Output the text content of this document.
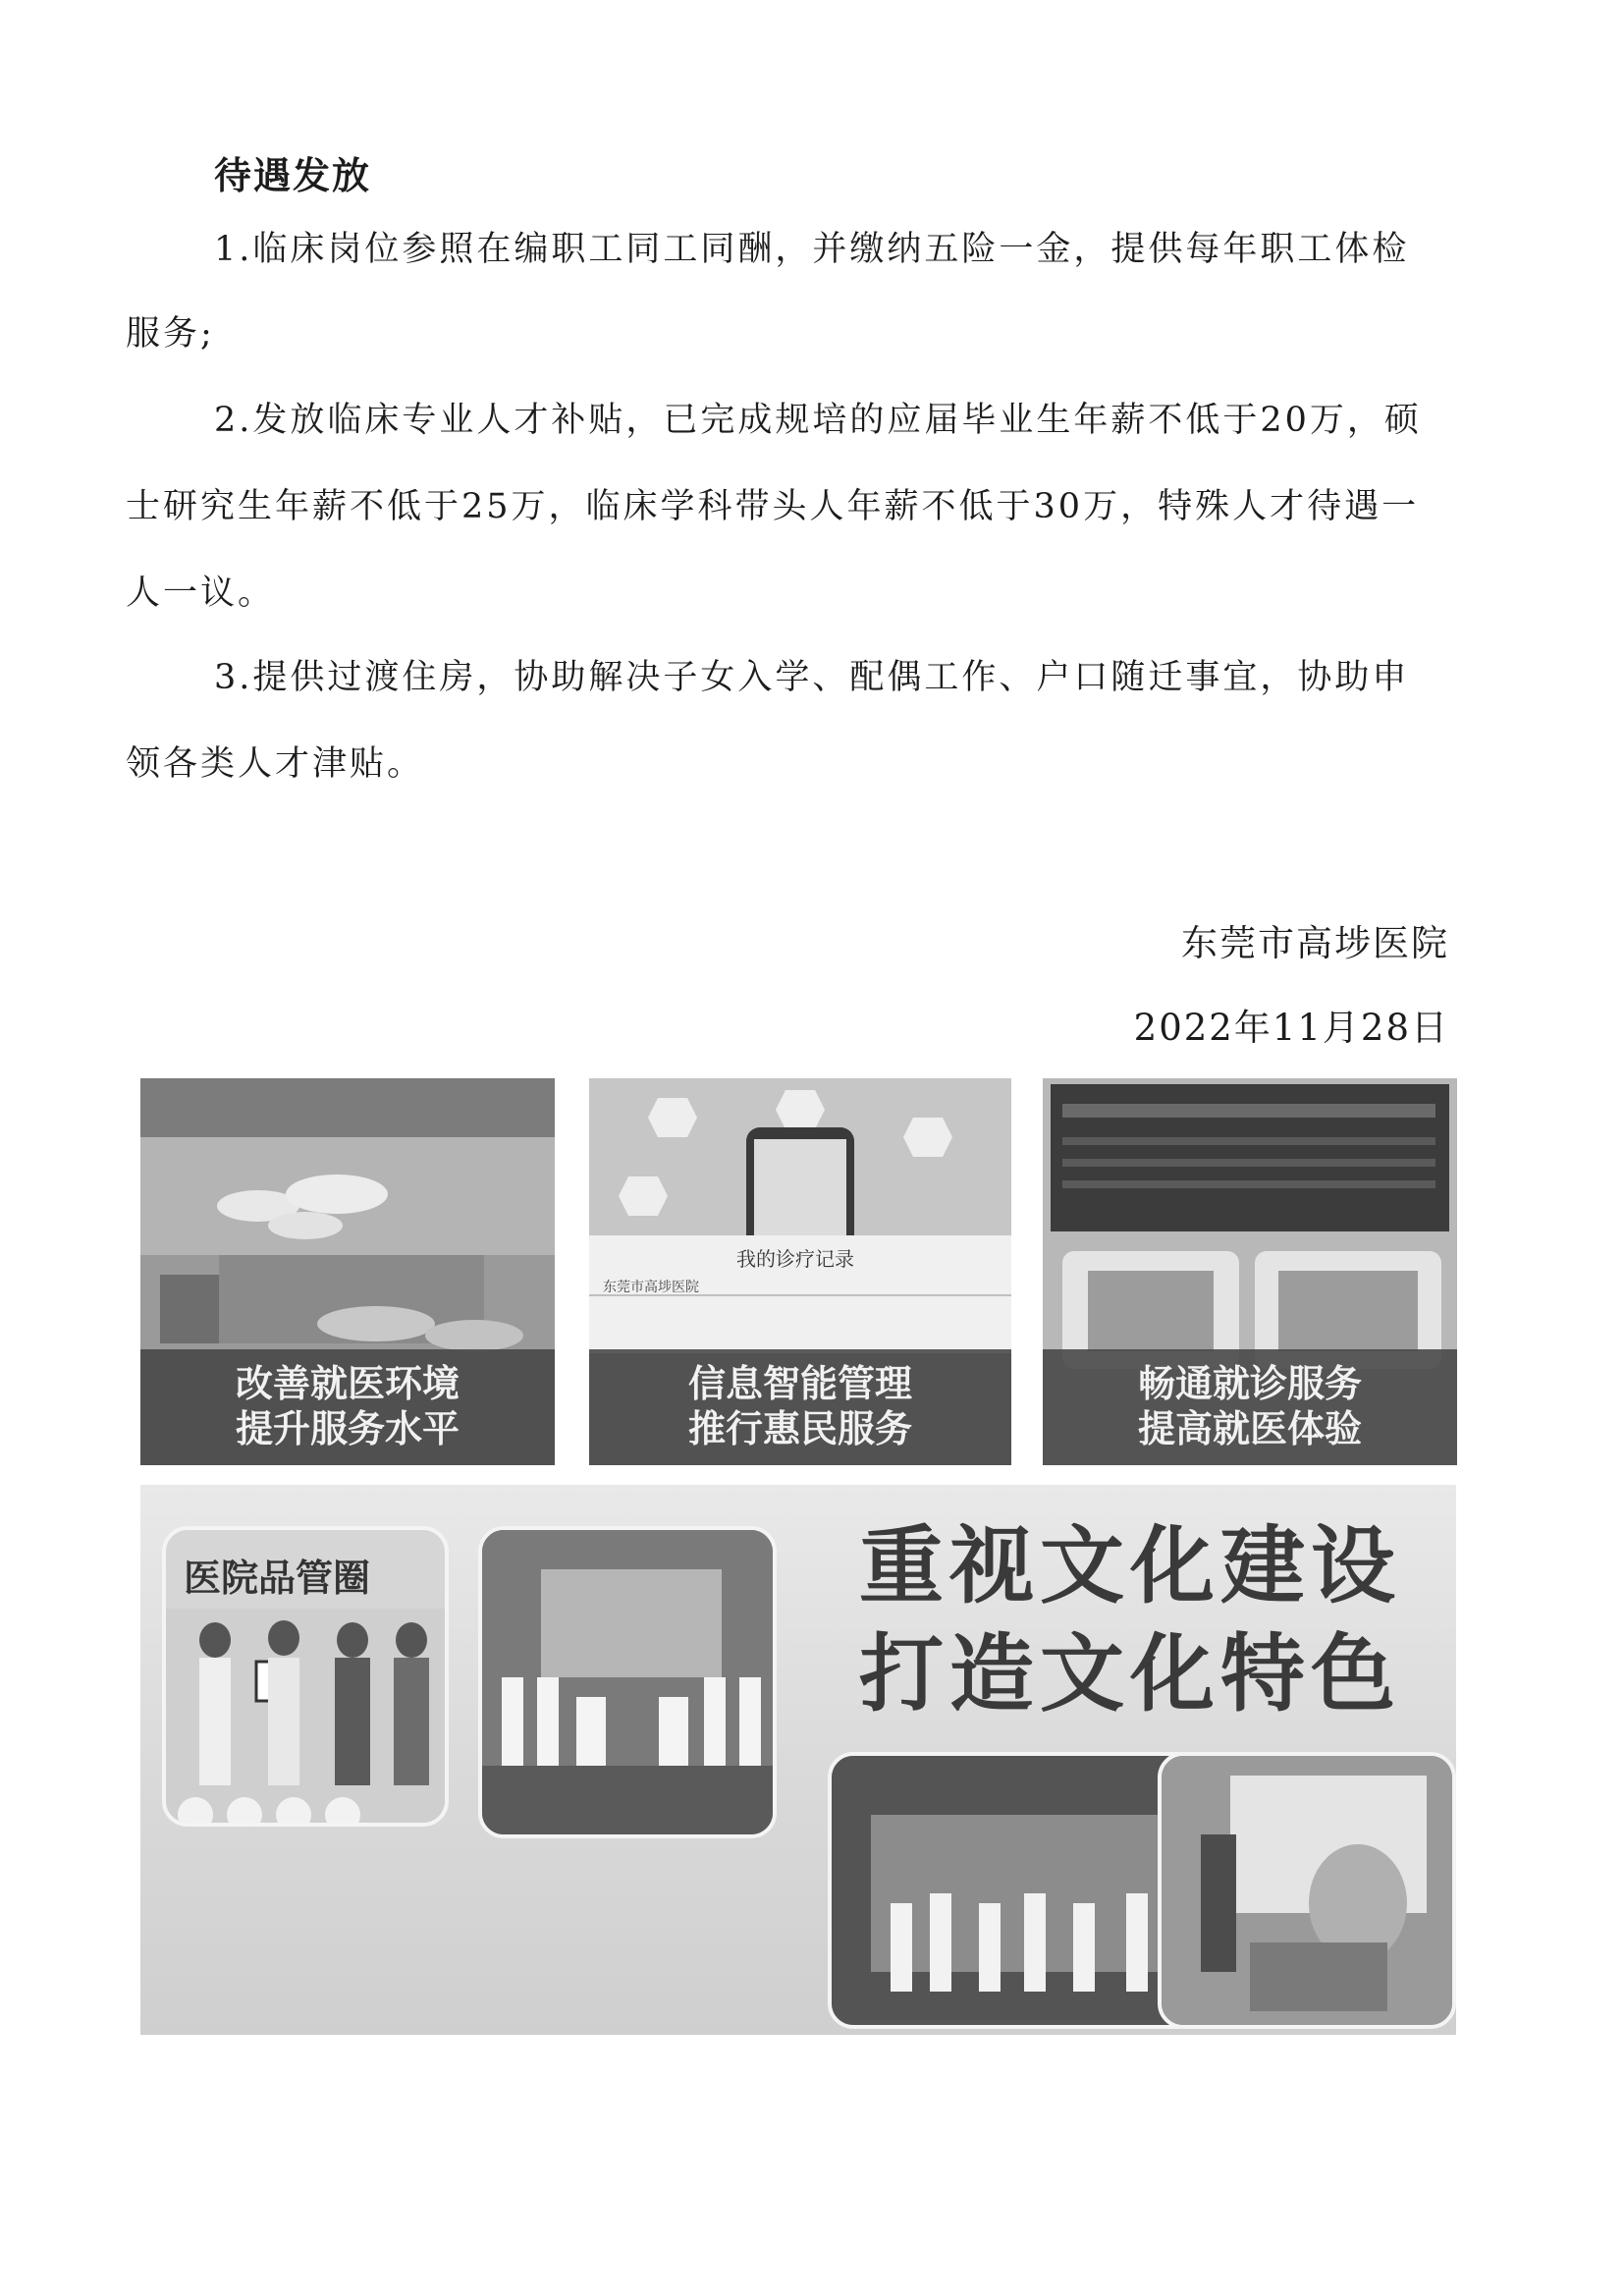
待遇发放
1.临床岗位参照在编职工同工同酬，并缴纳五险一金，提供每年职工体检
服务;
2.发放临床专业人才补贴，已完成规培的应届毕业生年薪不低于20万，硕
士研究生年薪不低于25万，临床学科带头人年薪不低于30万，特殊人才待遇一
人一议。
3.提供过渡住房，协助解决子女入学、配偶工作、户口随迁事宜，协助申
领各类人才津贴。
东莞市高埗医院
2022年11月28日
改善就医环境
提升服务水平
我的诊疗记录
东莞市高埗医院
信息智能管理
推行惠民服务
畅通就诊服务
提高就医体验
医院品管圈	重视文化建设
打造文化特色
